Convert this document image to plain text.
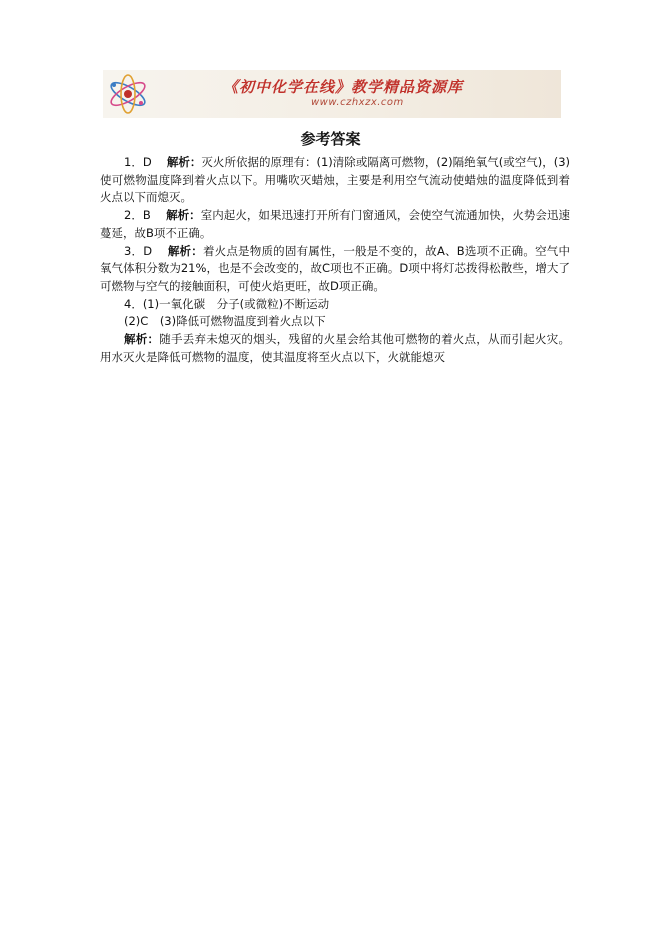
《初中化学在线》教学精品资源库
www.czhxzx.com
参考答案

1．D　 解析：灭火所依据的原理有：(1)清除或隔离可燃物，(2)隔绝氧气(或空气)，(3)使可燃物温度降到着火点以下。用嘴吹灭蜡烛，主要是利用空气流动使蜡烛的温度降低到着火点以下而熄灭。

2．B　 解析：室内起火，如果迅速打开所有门窗通风，会使空气流通加快，火势会迅速蔓延，故B项不正确。

3．D　 解析：着火点是物质的固有属性，一般是不变的，故A、B选项不正确。空气中氧气体积分数为21%，也是不会改变的，故C项也不正确。D项中将灯芯拨得松散些，增大了可燃物与空气的接触面积，可使火焰更旺，故D项正确。

4．(1)一氧化碳　分子(或微粒)不断运动

(2)C　(3)降低可燃物温度到着火点以下

解析：随手丢弃未熄灭的烟头，残留的火星会给其他可燃物的着火点，从而引起火灾。用水灭火是降低可燃物的温度，使其温度将至火点以下，火就能熄灭
